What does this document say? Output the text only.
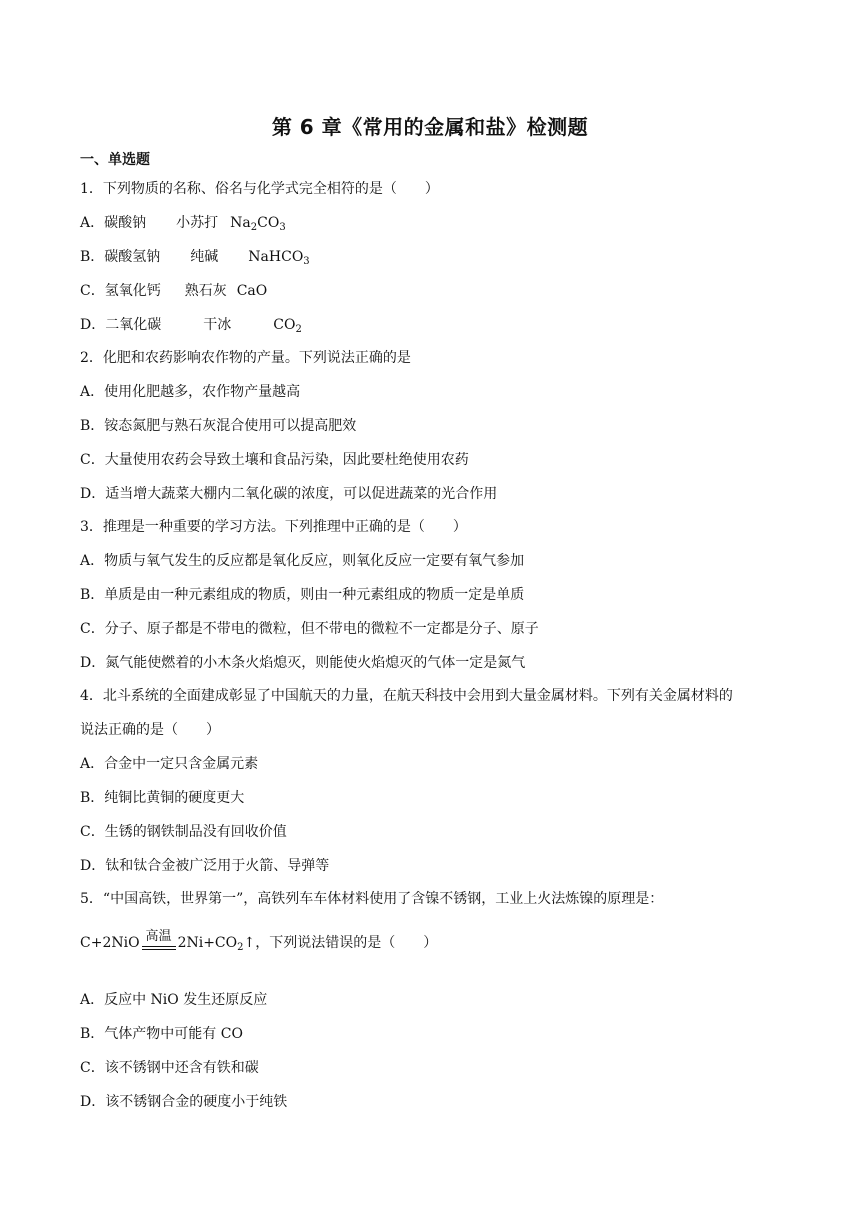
第 6 章《常用的金属和盐》检测题
一、单选题
1．下列物质的名称、俗名与化学式完全相符的是（　　）
A．碳酸钠 小苏打 $Na_2CO_3$
B．碳酸氢钠 纯碱 NaHCO$_3$
C．氢氧化钙 熟石灰 CaO
D．二氧化碳	干冰	$CO_2$
2．化肥和农药影响农作物的产量。下列说法正确的是
A．使用化肥越多，农作物产量越高
B．铵态氮肥与熟石灰混合使用可以提高肥效
C．大量使用农药会导致土壤和食品污染，因此要杜绝使用农药
D．适当增大蔬菜大棚内二氧化碳的浓度，可以促进蔬菜的光合作用
3．推理是一种重要的学习方法。下列推理中正确的是（　　）
A．物质与氧气发生的反应都是氧化反应，则氧化反应一定要有氧气参加
B．单质是由一种元素组成的物质，则由一种元素组成的物质一定是单质
C．分子、原子都是不带电的微粒，但不带电的微粒不一定都是分子、原子
D．氮气能使燃着的小木条火焰熄灭，则能使火焰熄灭的气体一定是氮气
4．北斗系统的全面建成彰显了中国航天的力量，在航天科技中会用到大量金属材料。下列有关金属材料的
说法正确的是（　　）
A．合金中一定只含金属元素
B．纯铜比黄铜的硬度更大
C．生锈的钢铁制品没有回收价值
D．钛和钛合金被广泛用于火箭、导弹等
5．“中国高铁，世界第一”，高铁列车车体材料使用了含镍不锈钢，工业上火法炼镍的原理是：
C+2NiO 高温 $2Ni+CO_2$ ↑ ，下列说法错误的是（　　）
A．反应中 NiO 发生还原反应
B．气体产物中可能有 CO
C．该不锈钢中还含有铁和碳
D．该不锈钢合金的硬度小于纯铁
